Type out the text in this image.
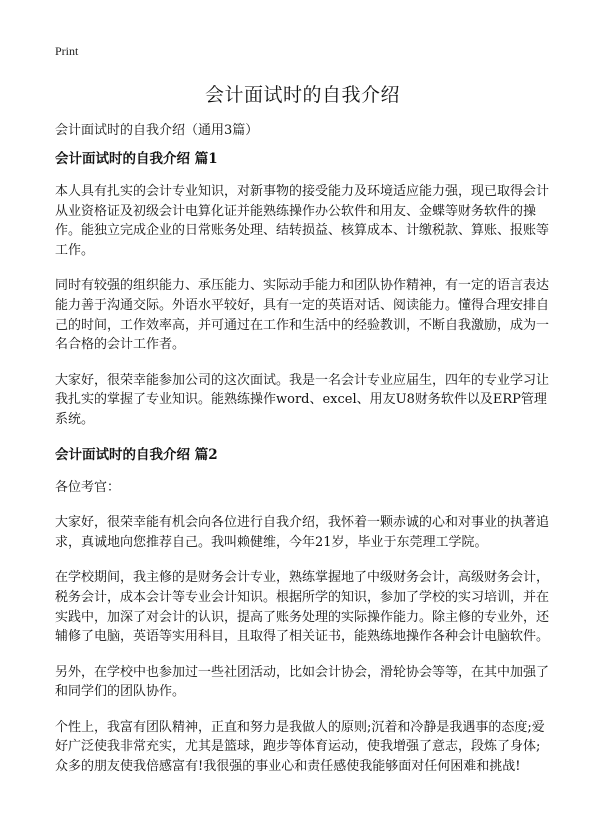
Print
会计面试时的自我介绍
会计面试时的自我介绍（通用3篇）
会计面试时的自我介绍 篇1

本人具有扎实的会计专业知识，对新事物的接受能力及环境适应能力强，现已取得会计从业资格证及初级会计电算化证并能熟练操作办公软件和用友、金蝶等财务软件的操作。能独立完成企业的日常账务处理、结转损益、核算成本、计缴税款、算账、报账等工作。

同时有较强的组织能力、承压能力、实际动手能力和团队协作精神，有一定的语言表达能力善于沟通交际。外语水平较好，具有一定的英语对话、阅读能力。懂得合理安排自己的时间，工作效率高，并可通过在工作和生活中的经验教训，不断自我激励，成为一名合格的会计工作者。

大家好，很荣幸能参加公司的这次面试。我是一名会计专业应届生，四年的专业学习让我扎实的掌握了专业知识。能熟练操作word、excel、用友U8财务软件以及ERP管理系统。

会计面试时的自我介绍 篇2

各位考官：

大家好，很荣幸能有机会向各位进行自我介绍，我怀着一颗赤诚的心和对事业的执著追求，真诚地向您推荐自己。我叫赖健维，今年21岁，毕业于东莞理工学院。

在学校期间，我主修的是财务会计专业，熟练掌握地了中级财务会计，高级财务会计，税务会计，成本会计等专业会计知识。根据所学的知识，参加了学校的实习培训，并在实践中，加深了对会计的认识，提高了账务处理的实际操作能力。除主修的专业外，还辅修了电脑，英语等实用科目，且取得了相关证书，能熟练地操作各种会计电脑软件。

另外，在学校中也参加过一些社团活动，比如会计协会，滑轮协会等等，在其中加强了和同学们的团队协作。

个性上，我富有团队精神，正直和努力是我做人的原则;沉着和冷静是我遇事的态度;爱好广泛使我非常充实，尤其是篮球，跑步等体育运动，使我增强了意志，段炼了身体;众多的朋友使我倍感富有!我很强的事业心和责任感使我能够面对任何困难和挑战!
